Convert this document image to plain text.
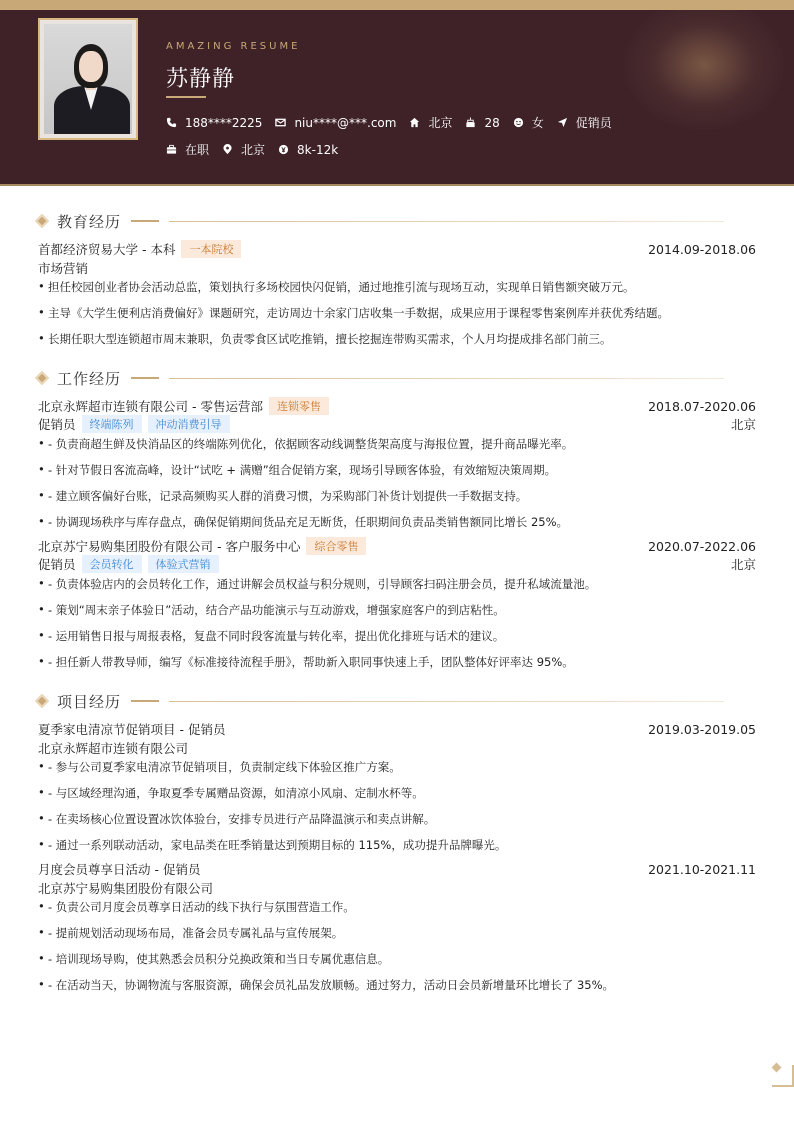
AMAZING RESUME
苏静静
188****2225	niu****@***.com	北京	28	女	促销员
在职	北京	8k-12k
教育经历
首都经济贸易大学 - 本科	一本院校	2014.09-2018.06
市场营销
• 担任校园创业者协会活动总监，策划执行多场校园快闪促销，通过地推引流与现场互动，实现单日销售额突破万元。
• 主导《大学生便利店消费偏好》课题研究，走访周边十余家门店收集一手数据，成果应用于课程零售案例库并获优秀结题。
• 长期任职大型连锁超市周末兼职，负责零食区试吃推销，擅长挖掘连带购买需求，个人月均提成排名部门前三。
工作经历
北京永辉超市连锁有限公司 - 零售运营部	连锁零售	2018.07-2020.06
促销员	终端陈列	冲动消费引导	北京
• - 负责商超生鲜及快消品区的终端陈列优化，依据顾客动线调整货架高度与海报位置，提升商品曝光率。
• - 针对节假日客流高峰，设计“试吃 + 满赠”组合促销方案，现场引导顾客体验，有效缩短决策周期。
• - 建立顾客偏好台账，记录高频购买人群的消费习惯，为采购部门补货计划提供一手数据支持。
• - 协调现场秩序与库存盘点，确保促销期间货品充足无断货，任职期间负责品类销售额同比增长 25%。
北京苏宁易购集团股份有限公司 - 客户服务中心	综合零售	2020.07-2022.06
促销员	会员转化	体验式营销	北京
• - 负责体验店内的会员转化工作，通过讲解会员权益与积分规则，引导顾客扫码注册会员，提升私域流量池。
• - 策划“周末亲子体验日”活动，结合产品功能演示与互动游戏，增强家庭客户的到店粘性。
• - 运用销售日报与周报表格，复盘不同时段客流量与转化率，提出优化排班与话术的建议。
• - 担任新人带教导师，编写《标准接待流程手册》，帮助新入职同事快速上手，团队整体好评率达 95%。
项目经历
夏季家电清凉节促销项目 - 促销员	2019.03-2019.05
北京永辉超市连锁有限公司
• - 参与公司夏季家电清凉节促销项目，负责制定线下体验区推广方案。
• - 与区域经理沟通，争取夏季专属赠品资源，如清凉小风扇、定制水杯等。
• - 在卖场核心位置设置冰饮体验台，安排专员进行产品降温演示和卖点讲解。
• - 通过一系列联动活动，家电品类在旺季销量达到预期目标的 115%，成功提升品牌曝光。
月度会员尊享日活动 - 促销员	2021.10-2021.11
北京苏宁易购集团股份有限公司
• - 负责公司月度会员尊享日活动的线下执行与氛围营造工作。
• - 提前规划活动现场布局，准备会员专属礼品与宣传展架。
• - 培训现场导购，使其熟悉会员积分兑换政策和当日专属优惠信息。
• - 在活动当天，协调物流与客服资源，确保会员礼品发放顺畅。通过努力，活动日会员新增量环比增长了 35%。
